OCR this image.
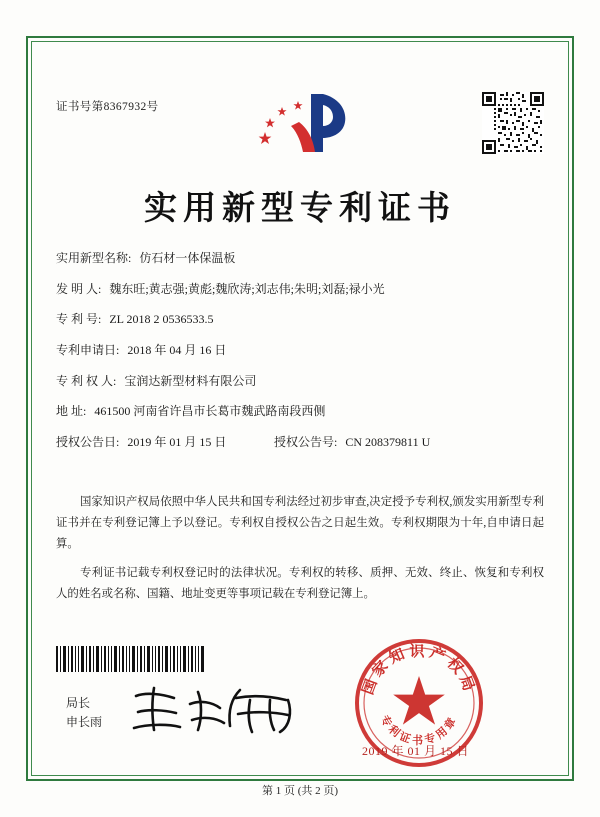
证书号第8367932号
实用新型专利证书
实用新型名称: 仿石材一体保温板
发 明 人: 魏东旺;黄志强;黄彪;魏欣涛;刘志伟;朱明;刘磊;禄小光
专 利 号: ZL 2018 2 0536533.5
专利申请日: 2018 年 04 月 16 日
专 利 权 人: 宝润达新型材料有限公司
地 址: 461500 河南省许昌市长葛市魏武路南段西侧
授权公告日: 2019 年 01 月 15 日	授权公告号: CN 208379811 U

国家知识产权局依照中华人民共和国专利法经过初步审查,决定授予专利权,颁发实用新型专利证书并在专利登记簿上予以登记。专利权自授权公告之日起生效。专利权期限为十年,自申请日起算。

专利证书记载专利权登记时的法律状况。专利权的转移、质押、无效、终止、恢复和专利权人的姓名或名称、国籍、地址变更等事项记载在专利登记簿上。

国家知识产权局
专利证书专用章
局长
申长雨
2019 年 01 月 15 日
第 1 页 (共 2 页)
